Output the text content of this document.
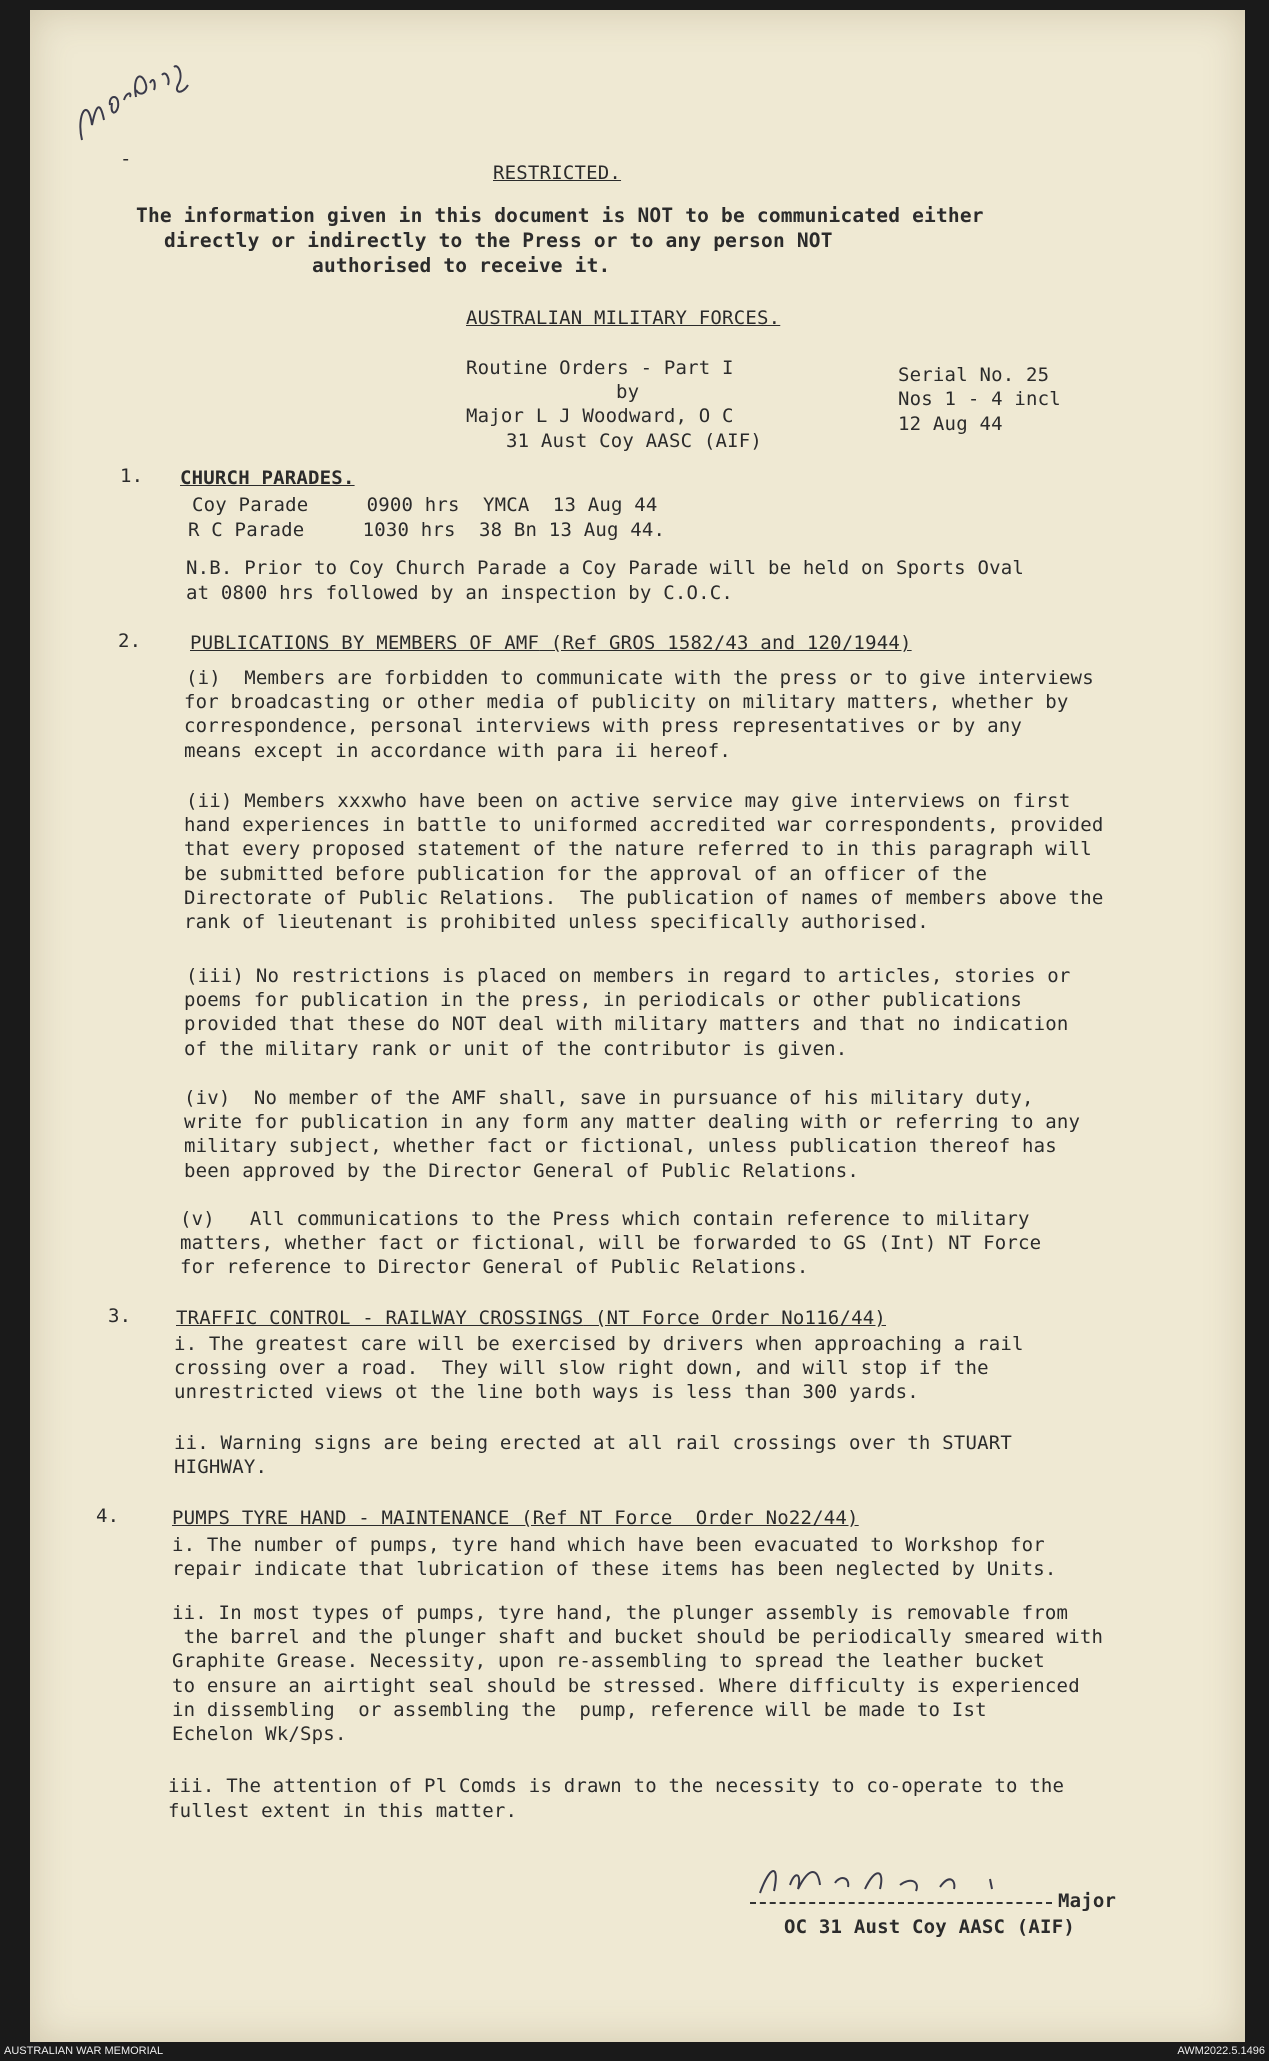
-
RESTRICTED.
The information given in this document is NOT to be communicated either
directly or indirectly to the Press or to any person NOT
authorised to receive it.
AUSTRALIAN MILITARY FORCES.
Routine Orders - Part I
by
Major L J Woodward, O C
31 Aust Coy AASC (AIF)
Serial No. 25
Nos 1 - 4 incl
12 Aug 44
1. CHURCH PARADES.
Coy Parade     0900 hrs  YMCA  13 Aug 44
R C Parade     1030 hrs  38 Bn 13 Aug 44.
N.B. Prior to Coy Church Parade a Coy Parade will be held on Sports Oval
at 0800 hrs followed by an inspection by C.O.C.
2.	PUBLICATIONS BY MEMBERS OF AMF (Ref GROS 1582/43 and 120/1944)
(i)  Members are forbidden to communicate with the press or to give interviews
for broadcasting or other media of publicity on military matters, whether by
correspondence, personal interviews with press representatives or by any
means except in accordance with para ii hereof.
(ii) Members xxxwho have been on active service may give interviews on first
hand experiences in battle to uniformed accredited war correspondents, provided
that every proposed statement of the nature referred to in this paragraph will
be submitted before publication for the approval of an officer of the
Directorate of Public Relations.  The publication of names of members above the
rank of lieutenant is prohibited unless specifically authorised.
(iii) No restrictions is placed on members in regard to articles, stories or
poems for publication in the press, in periodicals or other publications
provided that these do NOT deal with military matters and that no indication
of the military rank or unit of the contributor is given.
(iv)  No member of the AMF shall, save in pursuance of his military duty,
write for publication in any form any matter dealing with or referring to any
military subject, whether fact or fictional, unless publication thereof has
been approved by the Director General of Public Relations.
(v)   All communications to the Press which contain reference to military
matters, whether fact or fictional, will be forwarded to GS (Int) NT Force
for reference to Director General of Public Relations.
3. TRAFFIC CONTROL - RAILWAY CROSSINGS (NT Force Order No116/44)
i. The greatest care will be exercised by drivers when approaching a rail
crossing over a road.  They will slow right down, and will stop if the
unrestricted views ot the line both ways is less than 300 yards.
ii. Warning signs are being erected at all rail crossings over th STUART
HIGHWAY.
4.	PUMPS TYRE HAND - MAINTENANCE (Ref NT Force  Order No22/44)
i. The number of pumps, tyre hand which have been evacuated to Workshop for
repair indicate that lubrication of these items has been neglected by Units.
ii. In most types of pumps, tyre hand, the plunger assembly is removable from
the barrel and the plunger shaft and bucket should be periodically smeared with
Graphite Grease. Necessity, upon re-assembling to spread the leather bucket
to ensure an airtight seal should be stressed. Where difficulty is experienced
in dissembling  or assembling the  pump, reference will be made to Ist
Echelon Wk/Sps.
iii. The attention of Pl Comds is drawn to the necessity to co-operate to the
fullest extent in this matter.
Major
OC 31 Aust Coy AASC (AIF)
AUSTRALIAN WAR MEMORIAL	AWM2022.5.1496
